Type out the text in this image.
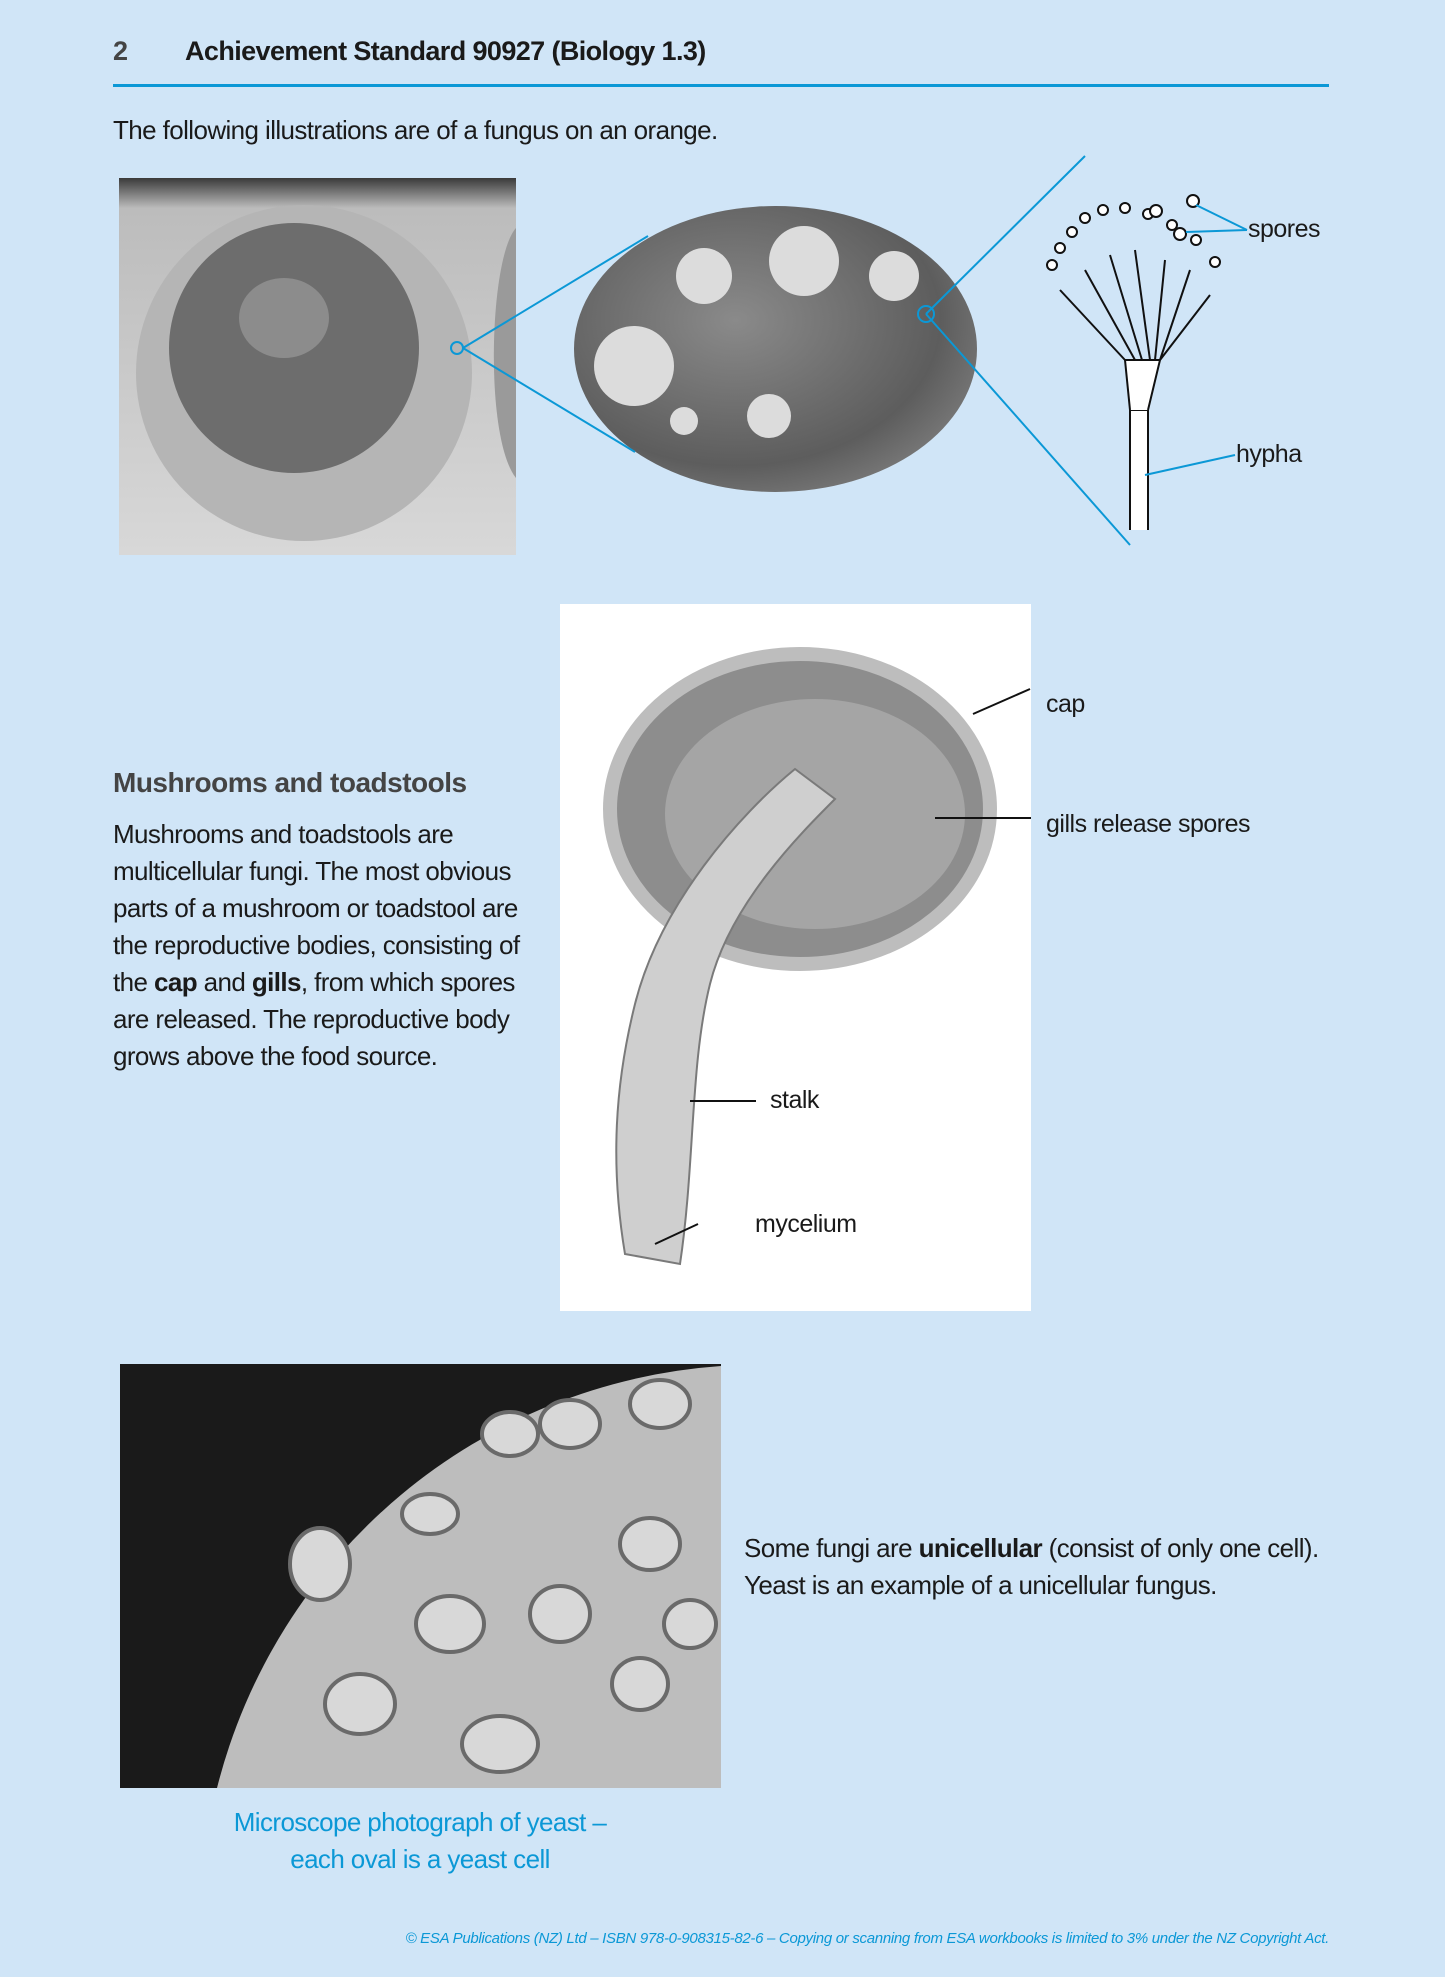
2 Achievement Standard 90927 (Biology 1.3)
The following illustrations are of a fungus on an orange.
spores
hypha
Mushrooms and toadstools
Mushrooms and toadstools are multicellular fungi. The most obvious parts of a mushroom or toadstool are the reproductive bodies, consisting of the cap and gills, from which spores are released. The reproductive body grows above the food source.
cap
gills release spores
stalk
mycelium
Microscope photograph of yeast –
each oval is a yeast cell
Some fungi are unicellular (consist of only one cell). Yeast is an example of a unicellular fungus.
© ESA Publications (NZ) Ltd – ISBN 978-0-908315-82-6 – Copying or scanning from ESA workbooks is limited to 3% under the NZ Copyright Act.
